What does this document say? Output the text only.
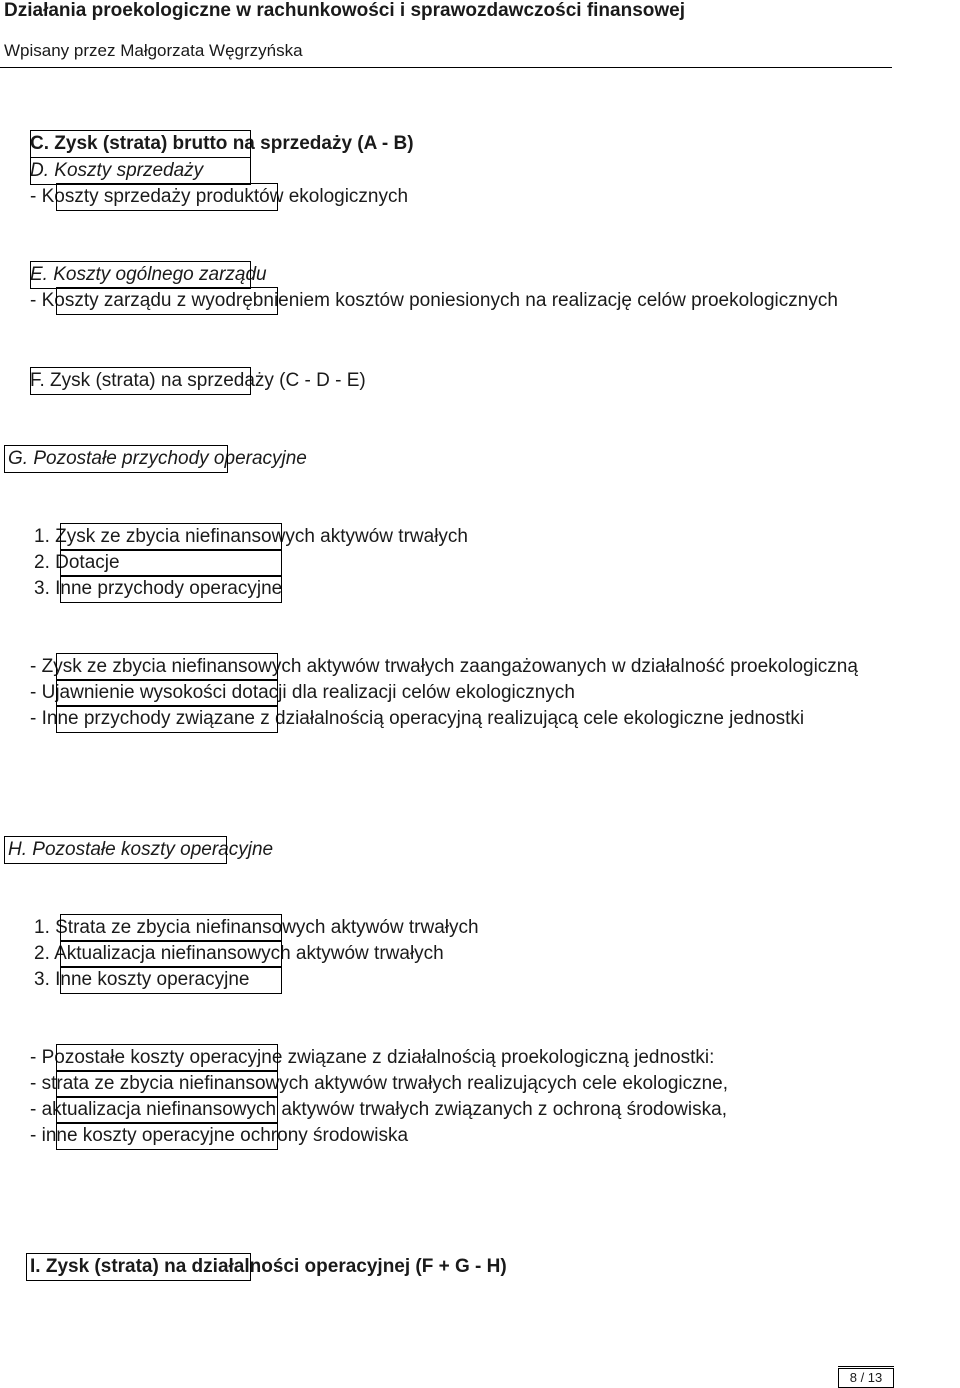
Działania proekologiczne w rachunkowości i sprawozdawczości finansowej
Wpisany przez Małgorzata Węgrzyńska
C. Zysk (strata) brutto na sprzedaży (A - B)
D. Koszty sprzedaży
- Koszty sprzedaży produktów ekologicznych
E. Koszty ogólnego zarządu
- Koszty zarządu z wyodrębnieniem kosztów poniesionych na realizację celów proekologicznych
F. Zysk (strata) na sprzedaży (C - D - E)
G. Pozostałe przychody operacyjne
1. Zysk ze zbycia niefinansowych aktywów trwałych
2. Dotacje
3. Inne przychody operacyjne
- Zysk ze zbycia niefinansowych aktywów trwałych zaangażowanych w działalność proekologiczną
- Ujawnienie wysokości dotacji dla realizacji celów ekologicznych
- Inne przychody związane z działalnością operacyjną realizującą cele ekologiczne jednostki
H. Pozostałe koszty operacyjne
1. Strata ze zbycia niefinansowych aktywów trwałych
2. Aktualizacja niefinansowych aktywów trwałych
3. Inne koszty operacyjne
- Pozostałe koszty operacyjne związane z działalnością proekologiczną jednostki:
- strata ze zbycia niefinansowych aktywów trwałych realizujących cele ekologiczne,
- aktualizacja niefinansowych aktywów trwałych związanych z ochroną środowiska,
- inne koszty operacyjne ochrony środowiska
I. Zysk (strata) na działalności operacyjnej (F + G - H)
8 / 13
